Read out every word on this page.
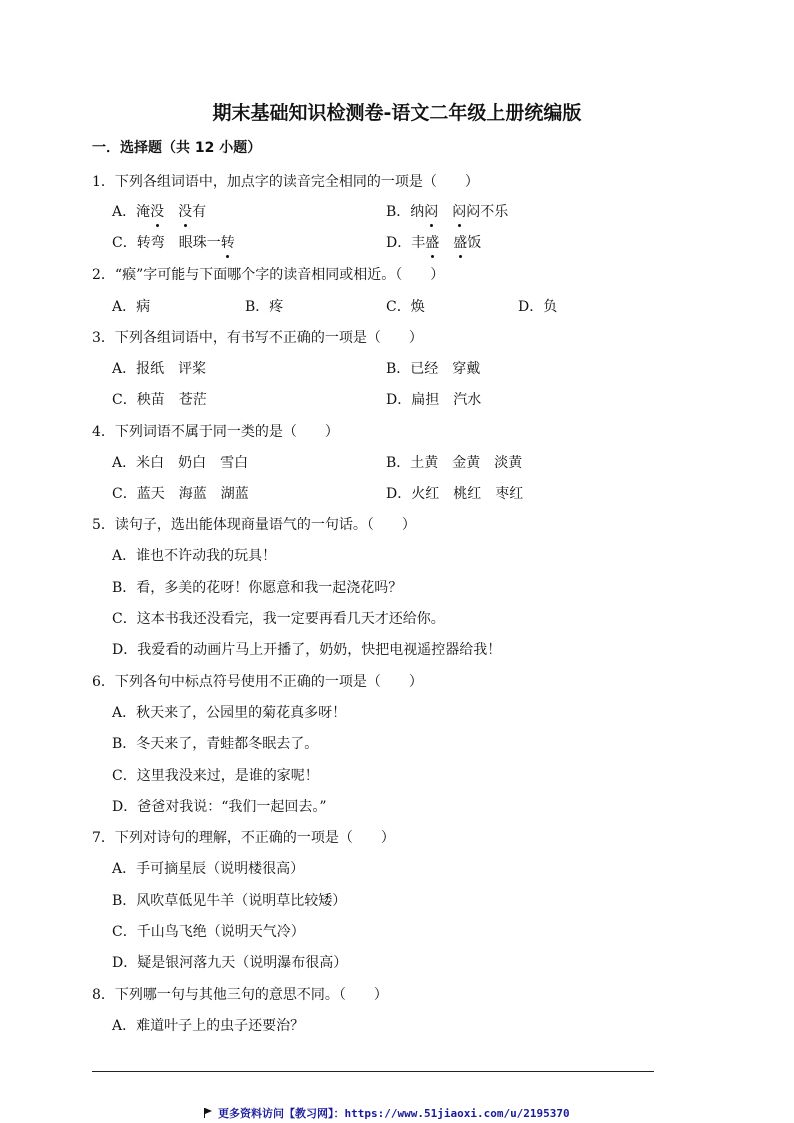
期末基础知识检测卷-语文二年级上册统编版
一．选择题（共 12 小题）
1．下列各组词语中，加点字的读音完全相同的一项是（　　）
A．淹没　 没有	B．纳闷　 闷闷不乐
C．转弯　眼珠一转	D．丰盛　 盛饭
2．“瘊”字可能与下面哪个字的读音相同或相近。（　　）
A．病	B．疼	C．焕	D．负
3．下列各组词语中，有书写不正确的一项是（　　）
A．报纸　评桨	B．已经　穿戴
C．秧苗　苍茫	D．扁担　汽水
4．下列词语不属于同一类的是（　　）
A．米白　奶白　雪白	B．土黄　金黄　淡黄
C．蓝天　海蓝　湖蓝	D．火红　桃红　枣红
5．读句子，选出能体现商量语气的一句话。（　　）
A．谁也不许动我的玩具！
B．看，多美的花呀！你愿意和我一起浇花吗？
C．这本书我还没看完，我一定要再看几天才还给你。
D．我爱看的动画片马上开播了，奶奶，快把电视遥控器给我！
6．下列各句中标点符号使用不正确的一项是（　　）
A．秋天来了，公园里的菊花真多呀！
B．冬天来了，青蛙都冬眠去了。
C．这里我没来过，是谁的家呢！
D．爸爸对我说：“我们一起回去。”
7．下列对诗句的理解，不正确的一项是（　　）
A．手可摘星辰（说明楼很高）
B．风吹草低见牛羊（说明草比较矮）
C．千山鸟飞绝（说明天气冷）
D．疑是银河落九天（说明瀑布很高）
8．下列哪一句与其他三句的意思不同。（　　）
A．难道叶子上的虫子还要治？
更多资料访问【教习网】：https://www.51jiaoxi.com/u/2195370
